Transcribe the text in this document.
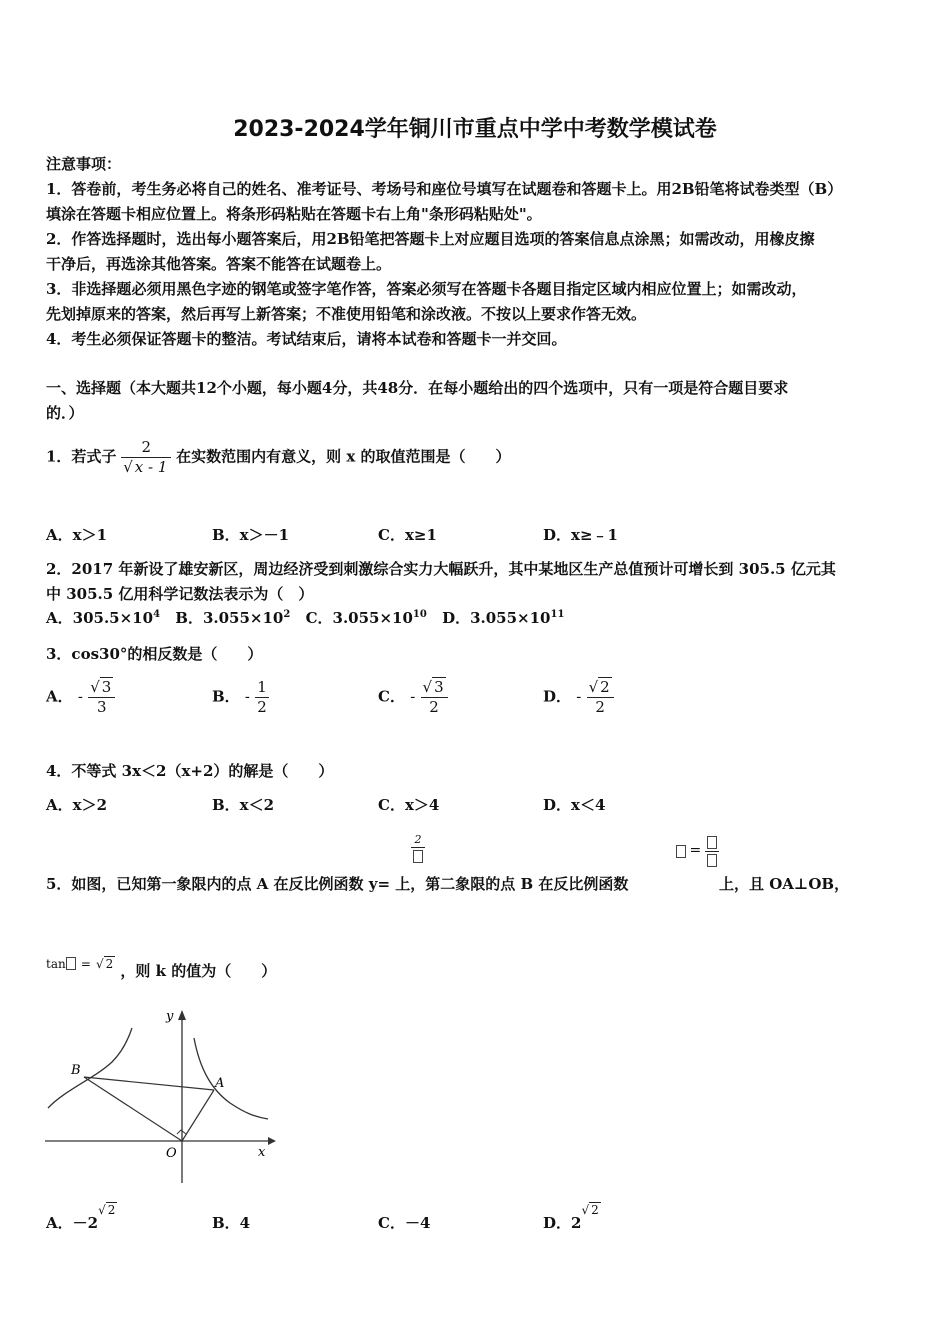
2023-2024学年铜川市重点中学中考数学模试卷
注意事项：
1．答卷前，考生务必将自己的姓名、准考证号、考场号和座位号填写在试题卷和答题卡上。用2B铅笔将试卷类型（B）
填涂在答题卡相应位置上。将条形码粘贴在答题卡右上角"条形码粘贴处"。
2．作答选择题时，选出每小题答案后，用2B铅笔把答题卡上对应题目选项的答案信息点涂黑；如需改动，用橡皮擦
干净后，再选涂其他答案。答案不能答在试题卷上。
3．非选择题必须用黑色字迹的钢笔或签字笔作答，答案必须写在答题卡各题目指定区域内相应位置上；如需改动，
先划掉原来的答案，然后再写上新答案；不准使用铅笔和涂改液。不按以上要求作答无效。
4．考生必须保证答题卡的整洁。考试结束后，请将本试卷和答题卡一并交回。
一、选择题（本大题共12个小题，每小题4分，共48分．在每小题给出的四个选项中，只有一项是符合题目要求
的．）
1．若式子 $\frac{2}{√ x - 1}$ 在实数范围内有意义，则 x 的取值范围是（　　）
A．x＞1	B．x＞－1	C．x≥1	D．x≥﹣1
2．2017 年新设了雄安新区，周边经济受到刺激综合实力大幅跃升，其中某地区生产总值预计可增长到 305.5 亿元其
中 305.5 亿用科学记数法表示为（　）
A．$305.5\times 10^4$ B．$3.055\times 10^2$ C．$3.055\times 10^{10}$ D．$3.055\times 10^{11}$
3．cos30°的相反数是（　　）
A． - $\frac{√ 3}{3}$	B． - $\frac{1}{2}$	C． - $\frac{√ 3}{2}$	D． - $\frac{√ 2}{2}$
4．不等式 3x＜2（x+2）的解是（　　）
A．x＞2	B．x＜2	C．x＞4	D．x＜4
2
=
5．如图，已知第一象限内的点 A 在反比例函数 y= 上，第二象限的点 B 在反比例函数	上，且 OA⊥OB，
tan = √ 2 ，则 k 的值为（　　）
y
x
O
A
B
A．$-2^{√ 2}$
B．4	C．－4	D．$2^{√ 2}$
